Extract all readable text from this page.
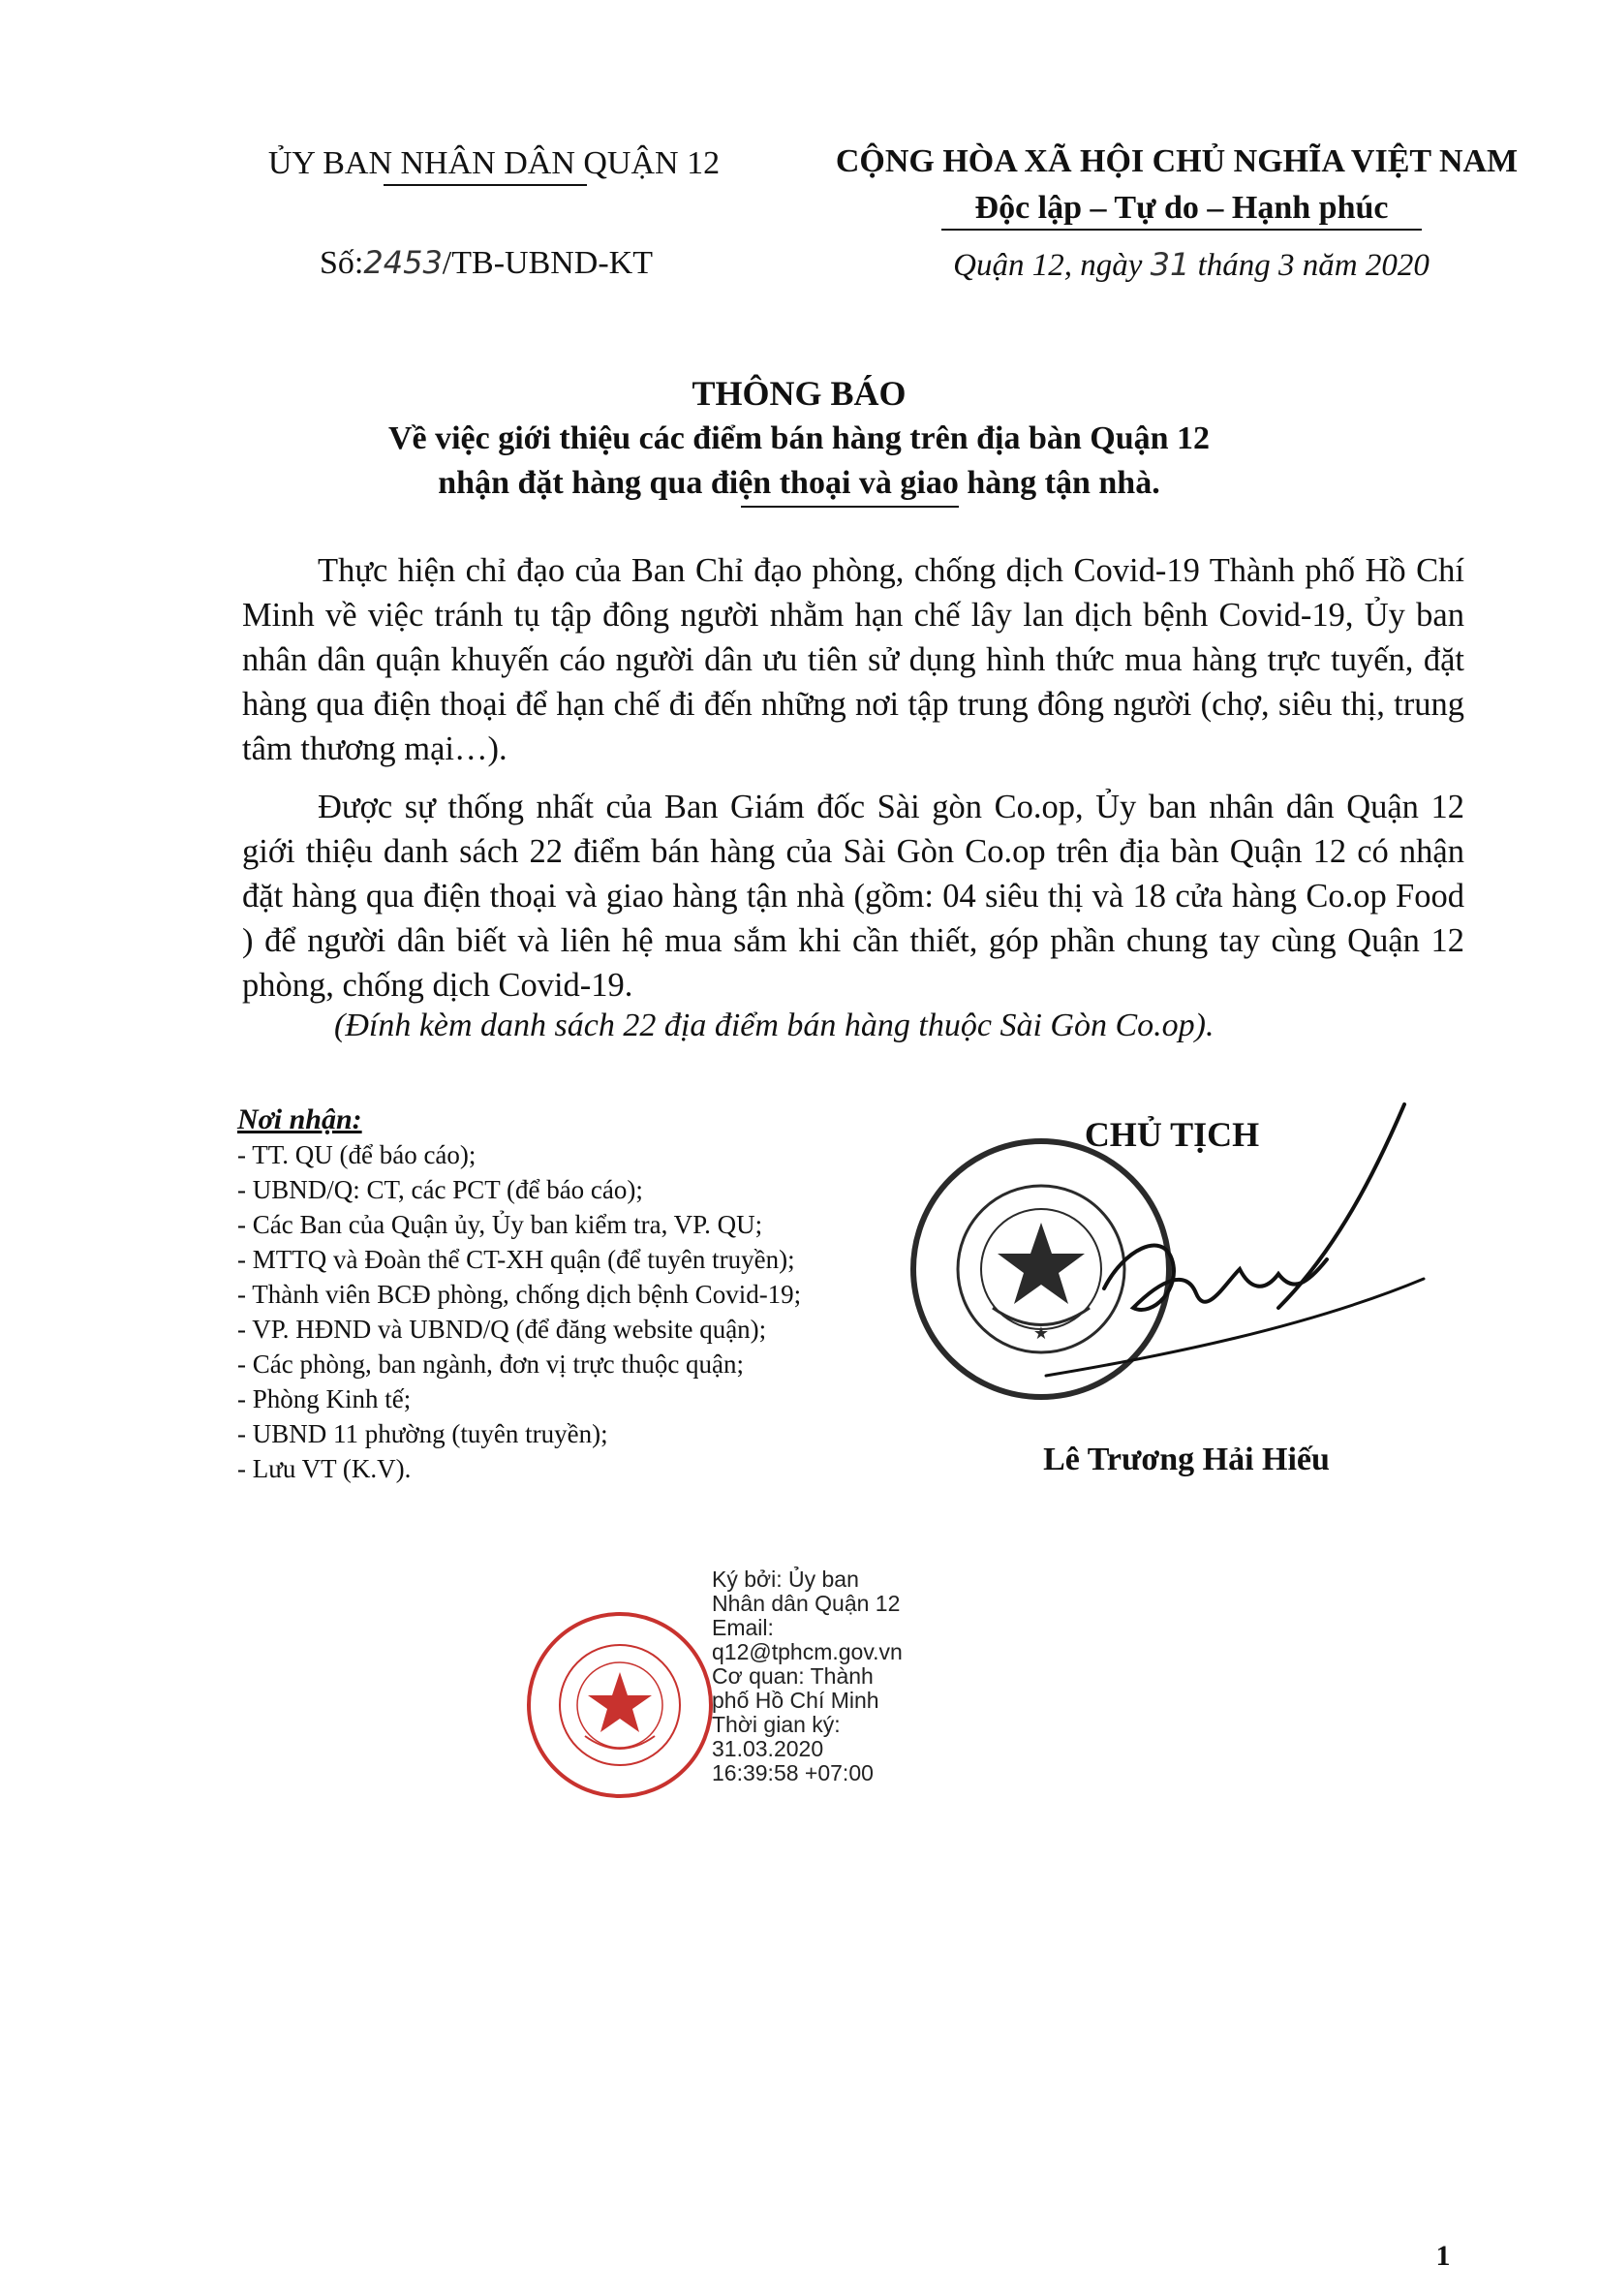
ỦY BAN NHÂN DÂN QUẬN 12	CỘNG HÒA XÃ HỘI CHỦ NGHĨA VIỆT NAM
Độc lập – Tự do – Hạnh phúc
Số:2453/TB-UBND-KT	Quận 12, ngày 31 tháng 3 năm 2020
THÔNG BÁO
Về việc giới thiệu các điểm bán hàng trên địa bàn Quận 12
nhận đặt hàng qua điện thoại và giao hàng tận nhà.
Thực hiện chỉ đạo của Ban Chỉ đạo phòng, chống dịch Covid-19 Thành phố Hồ Chí Minh về việc tránh tụ tập đông người nhằm hạn chế lây lan dịch bệnh Covid-19, Ủy ban nhân dân quận khuyến cáo người dân ưu tiên sử dụng hình thức mua hàng trực tuyến, đặt hàng qua điện thoại để hạn chế đi đến những nơi tập trung đông người (chợ, siêu thị, trung tâm thương mại…).
Được sự thống nhất của Ban Giám đốc Sài gòn Co.op, Ủy ban nhân dân Quận 12 giới thiệu danh sách 22 điểm bán hàng của Sài Gòn Co.op trên địa bàn Quận 12 có nhận đặt hàng qua điện thoại và giao hàng tận nhà (gồm: 04 siêu thị và 18 cửa hàng Co.op Food ) để người dân biết và liên hệ mua sắm khi cần thiết, góp phần chung tay cùng Quận 12 phòng, chống dịch Covid-19.
(Đính kèm danh sách 22 địa điểm bán hàng thuộc Sài Gòn Co.op).
Nơi nhận:
- TT. QU (để báo cáo);
- UBND/Q: CT, các PCT (để báo cáo);
- Các Ban của Quận ủy, Ủy ban kiểm tra, VP. QU;
- MTTQ và Đoàn thể CT-XH quận (để tuyên truyền);
- Thành viên BCĐ phòng, chống dịch bệnh Covid-19;
- VP. HĐND và UBND/Q (để đăng website quận);
- Các phòng, ban ngành, đơn vị trực thuộc quận;
- Phòng Kinh tế;
- UBND 11 phường (tuyên truyền);
- Lưu VT (K.V).
CHỦ TỊCH
★
Lê Trương Hải Hiếu
Ký bởi: Ủy ban
Nhân dân Quận 12
Email:
q12@tphcm.gov.vn
Cơ quan: Thành
phố Hồ Chí Minh
Thời gian ký:
31.03.2020
16:39:58 +07:00
1
